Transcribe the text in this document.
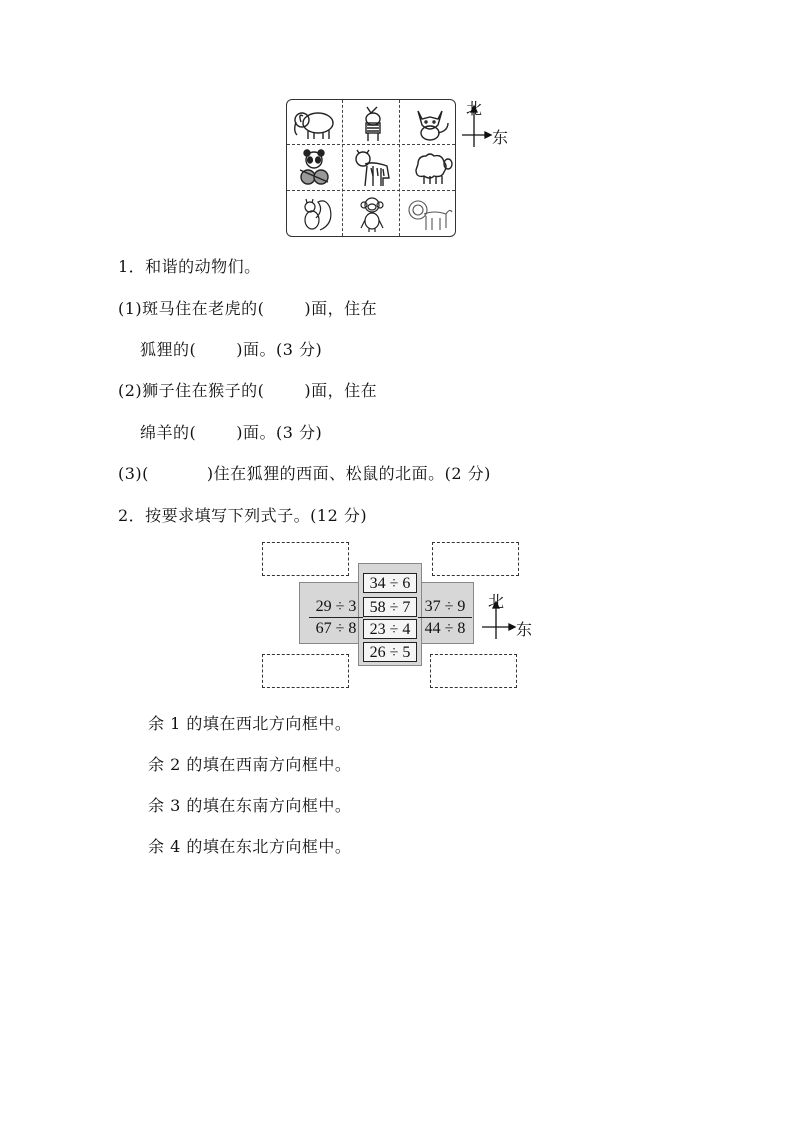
北
东
1．和谐的动物们。
(1)斑马住在老虎的(	)面，住在
狐狸的(	)面。(3 分)
(2)狮子住在猴子的(	)面，住在
绵羊的(	)面。(3 分)
(3)(	)住在狐狸的西面、松鼠的北面。(2 分)
2．按要求填写下列式子。(12 分)
34 ÷ 6
29 ÷ 3 58 ÷ 7 37 ÷ 9
67 ÷ 8 23 ÷ 4 44 ÷ 8
26 ÷ 5
北
东
余 1 的填在西北方向框中。
余 2 的填在西南方向框中。
余 3 的填在东南方向框中。
余 4 的填在东北方向框中。
